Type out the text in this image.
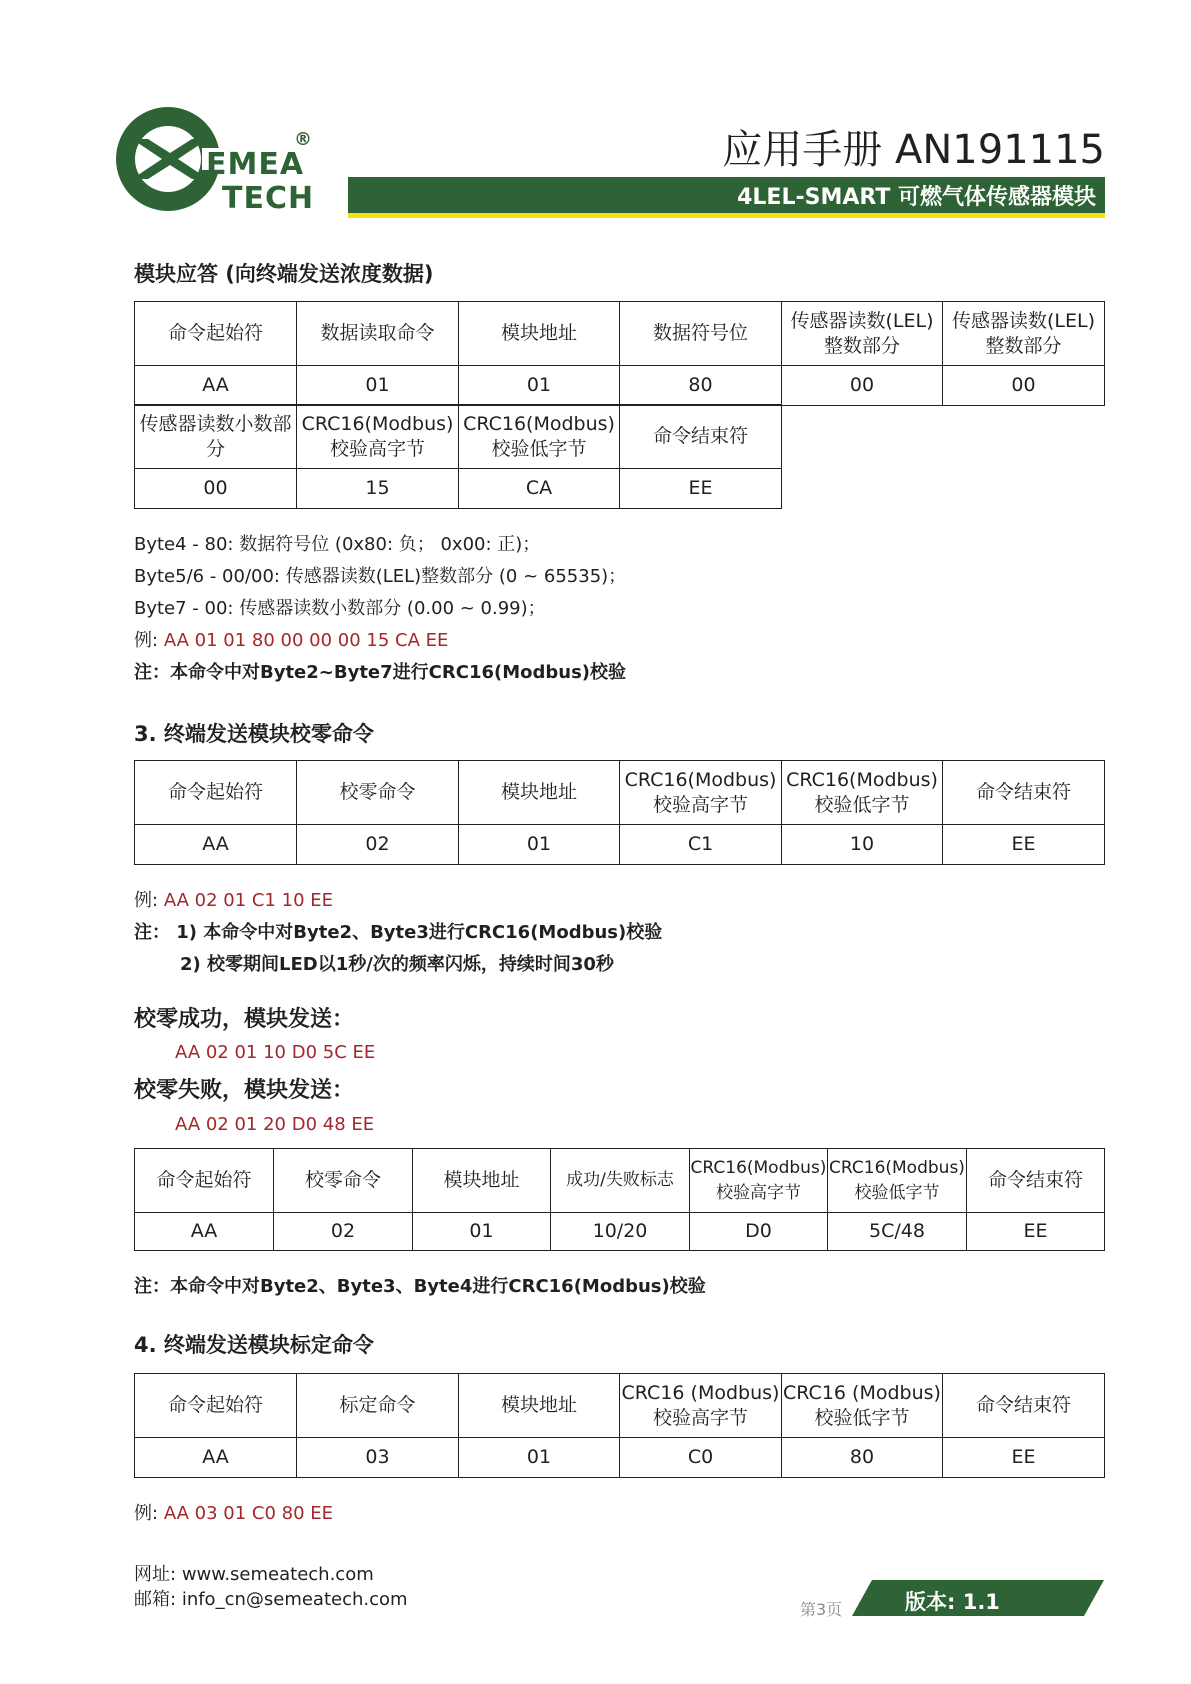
®
EMEA
TECH
应用手册 AN191115
4LEL-SMART 可燃气体传感器模块
模块应答 (向终端发送浓度数据)
命令起始符	数据读取命令	模块地址	数据符号位	传感器读数(LEL)整数部分	传感器读数(LEL)整数部分
AA	01	01	80	00	00
传感器读数小数部分	CRC16(Modbus)校验高字节	CRC16(Modbus)校验低字节	命令结束符
00	15	CA	EE
Byte4 - 80: 数据符号位 (0x80: 负； 0x00: 正)；
Byte5/6 - 00/00: 传感器读数(LEL)整数部分 (0 ~ 65535)；
Byte7 - 00: 传感器读数小数部分 (0.00 ~ 0.99)；
例: AA 01 01 80 00 00 00 15 CA EE
注：本命令中对Byte2~Byte7进行CRC16(Modbus)校验
3. 终端发送模块校零命令
命令起始符	校零命令	模块地址	CRC16(Modbus)校验高字节	CRC16(Modbus)校验低字节	命令结束符
AA	02	01	C1	10	EE
例: AA 02 01 C1 10 EE
注： 1) 本命令中对Byte2、Byte3进行CRC16(Modbus)校验
2) 校零期间LED以1秒/次的频率闪烁，持续时间30秒
校零成功，模块发送：
AA 02 01 10 D0 5C EE
校零失败，模块发送：
AA 02 01 20 D0 48 EE
命令起始符	校零命令	模块地址	成功/失败标志	CRC16(Modbus)校验高字节	CRC16(Modbus)校验低字节	命令结束符
AA	02	01	10/20	D0	5C/48	EE
注：本命令中对Byte2、Byte3、Byte4进行CRC16(Modbus)校验
4. 终端发送模块标定命令
命令起始符	标定命令	模块地址	CRC16 (Modbus)校验高字节	CRC16 (Modbus)校验低字节	命令结束符
AA	03	01	C0	80	EE
例: AA 03 01 C0 80 EE
网址: www.semeatech.com
邮箱: info_cn@semeatech.com	第3页	版本: 1.1
